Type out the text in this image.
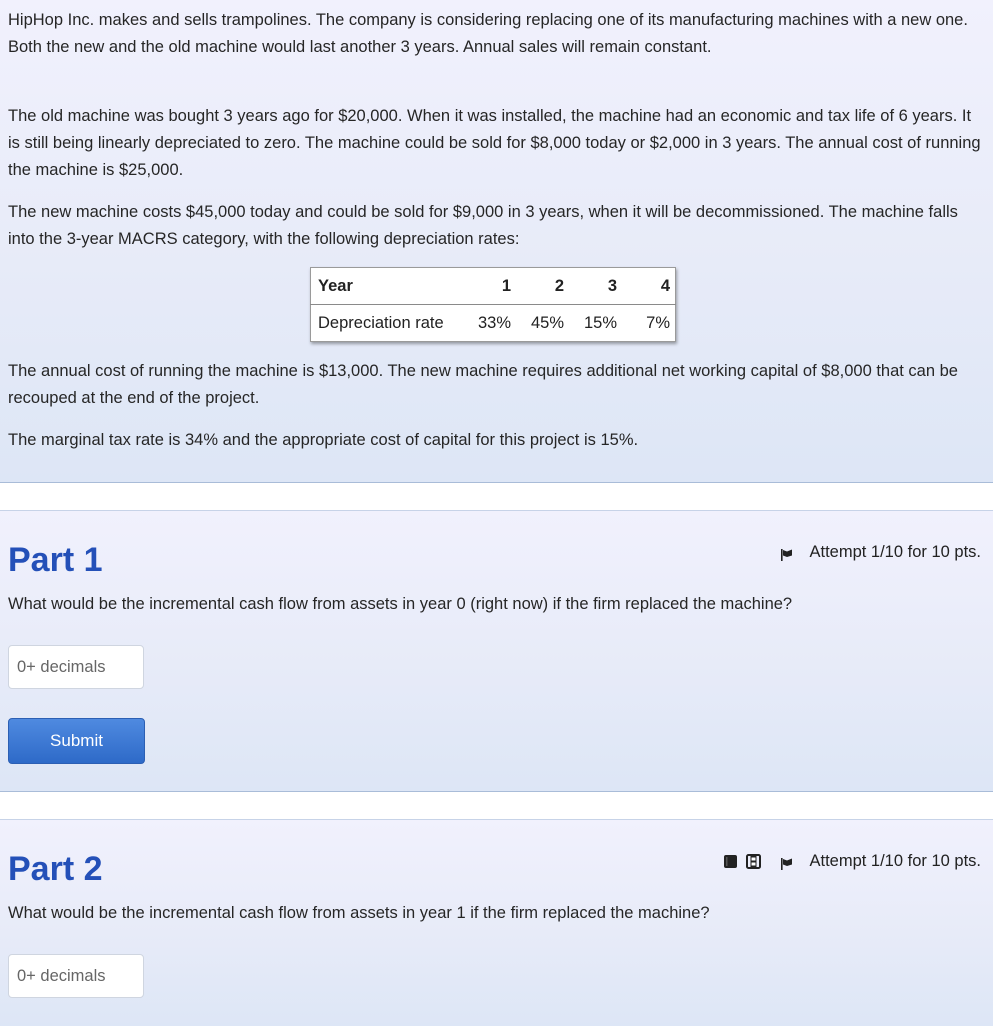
HipHop Inc. makes and sells trampolines. The company is considering replacing one of its manufacturing machines with a new one. Both the new and the old machine would last another 3 years. Annual sales will remain constant.

The old machine was bought 3 years ago for $20,000. When it was installed, the machine had an economic and tax life of 6 years. It is still being linearly depreciated to zero. The machine could be sold for $8,000 today or $2,000 in 3 years. The annual cost of running the machine is $25,000.

The new machine costs $45,000 today and could be sold for $9,000 in 3 years, when it will be decommissioned. The machine falls into the 3-year MACRS category, with the following depreciation rates:

Year	1	2	3	4
Depreciation rate	33%	45%	15%	7%

The annual cost of running the machine is $13,000. The new machine requires additional net working capital of $8,000 that can be recouped at the end of the project.

The marginal tax rate is 34% and the appropriate cost of capital for this project is 15%.

Part 1	Attempt 1/10 for 10 pts.

What would be the incremental cash flow from assets in year 0 (right now) if the firm replaced the machine?

0+ decimals
Submit
Part 2	Attempt 1/10 for 10 pts.

What would be the incremental cash flow from assets in year 1 if the firm replaced the machine?

0+ decimals
